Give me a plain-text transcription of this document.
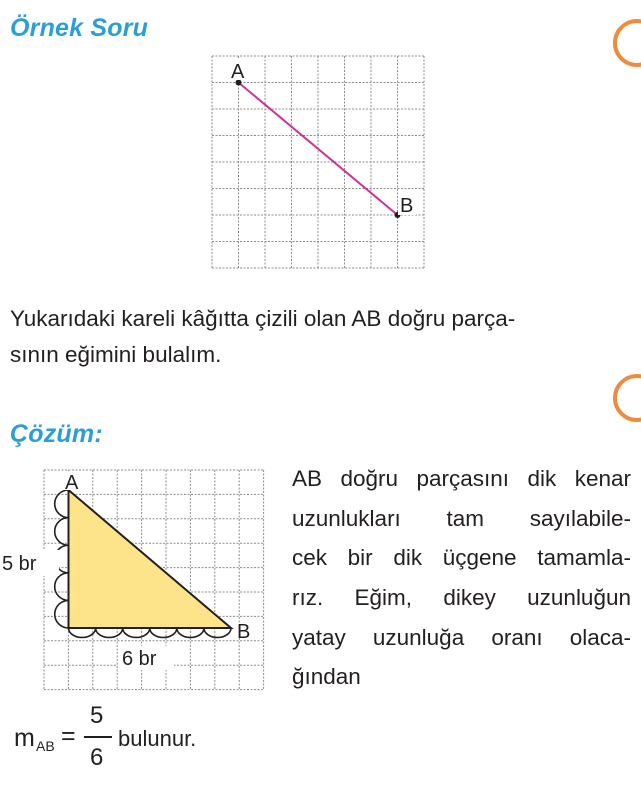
Örnek Soru
A
B
Yukarıdaki kareli kâğıtta çizili olan AB doğru parça-
sının eğimini bulalım.
Çözüm:
A
B
5 br
6 br
AB doğru parçasını dik kenar
uzunlukları tam sayılabile-
cek bir dik üçgene tamamla-
rız. Eğim, dikey uzunluğun
yatay uzunluğa oranı olaca-
ğından
m AB =
5
6
bulunur.
